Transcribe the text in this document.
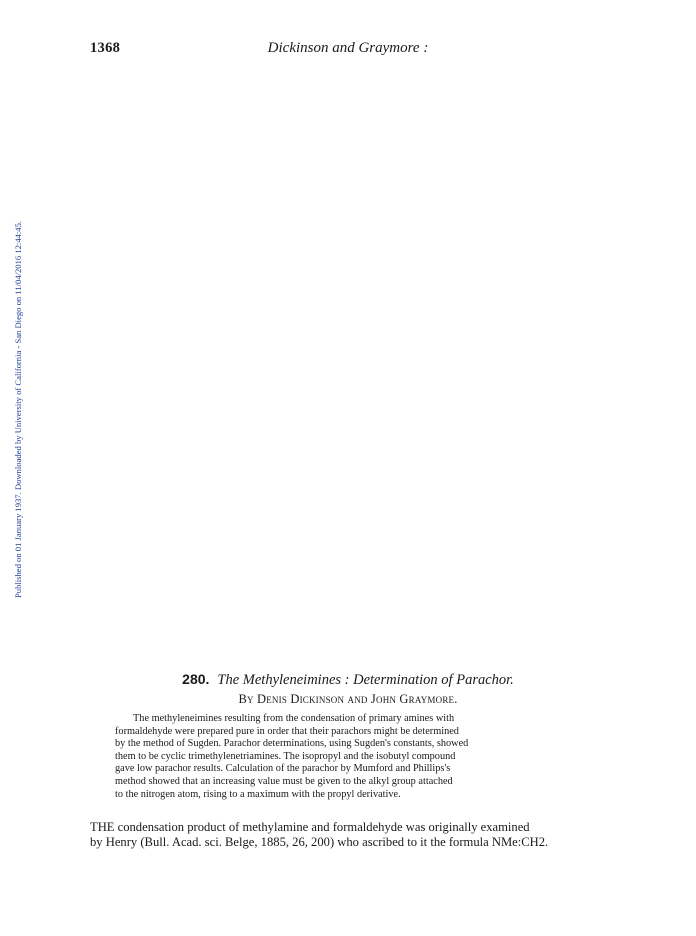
1368	Dickinson and Graymore :
Published on 01 January 1937. Downloaded by University of California - San Diego on 11/04/2016 12:44:45.
280. The Methyleneimines : Determination of Parachor.
By Denis Dickinson and John Graymore.
The methyleneimines resulting from the condensation of primary amines with
formaldehyde were prepared pure in order that their parachors might be determined
by the method of Sugden. Parachor determinations, using Sugden's constants, showed
them to be cyclic trimethylenetriamines. The isopropyl and the isobutyl compound
gave low parachor results. Calculation of the parachor by Mumford and Phillips's
method showed that an increasing value must be given to the alkyl group attached
to the nitrogen atom, rising to a maximum with the propyl derivative.
THE condensation product of methylamine and formaldehyde was originally examined
by Henry (Bull. Acad. sci. Belge, 1885, 26, 200) who ascribed to it the formula NMe:CH2.
